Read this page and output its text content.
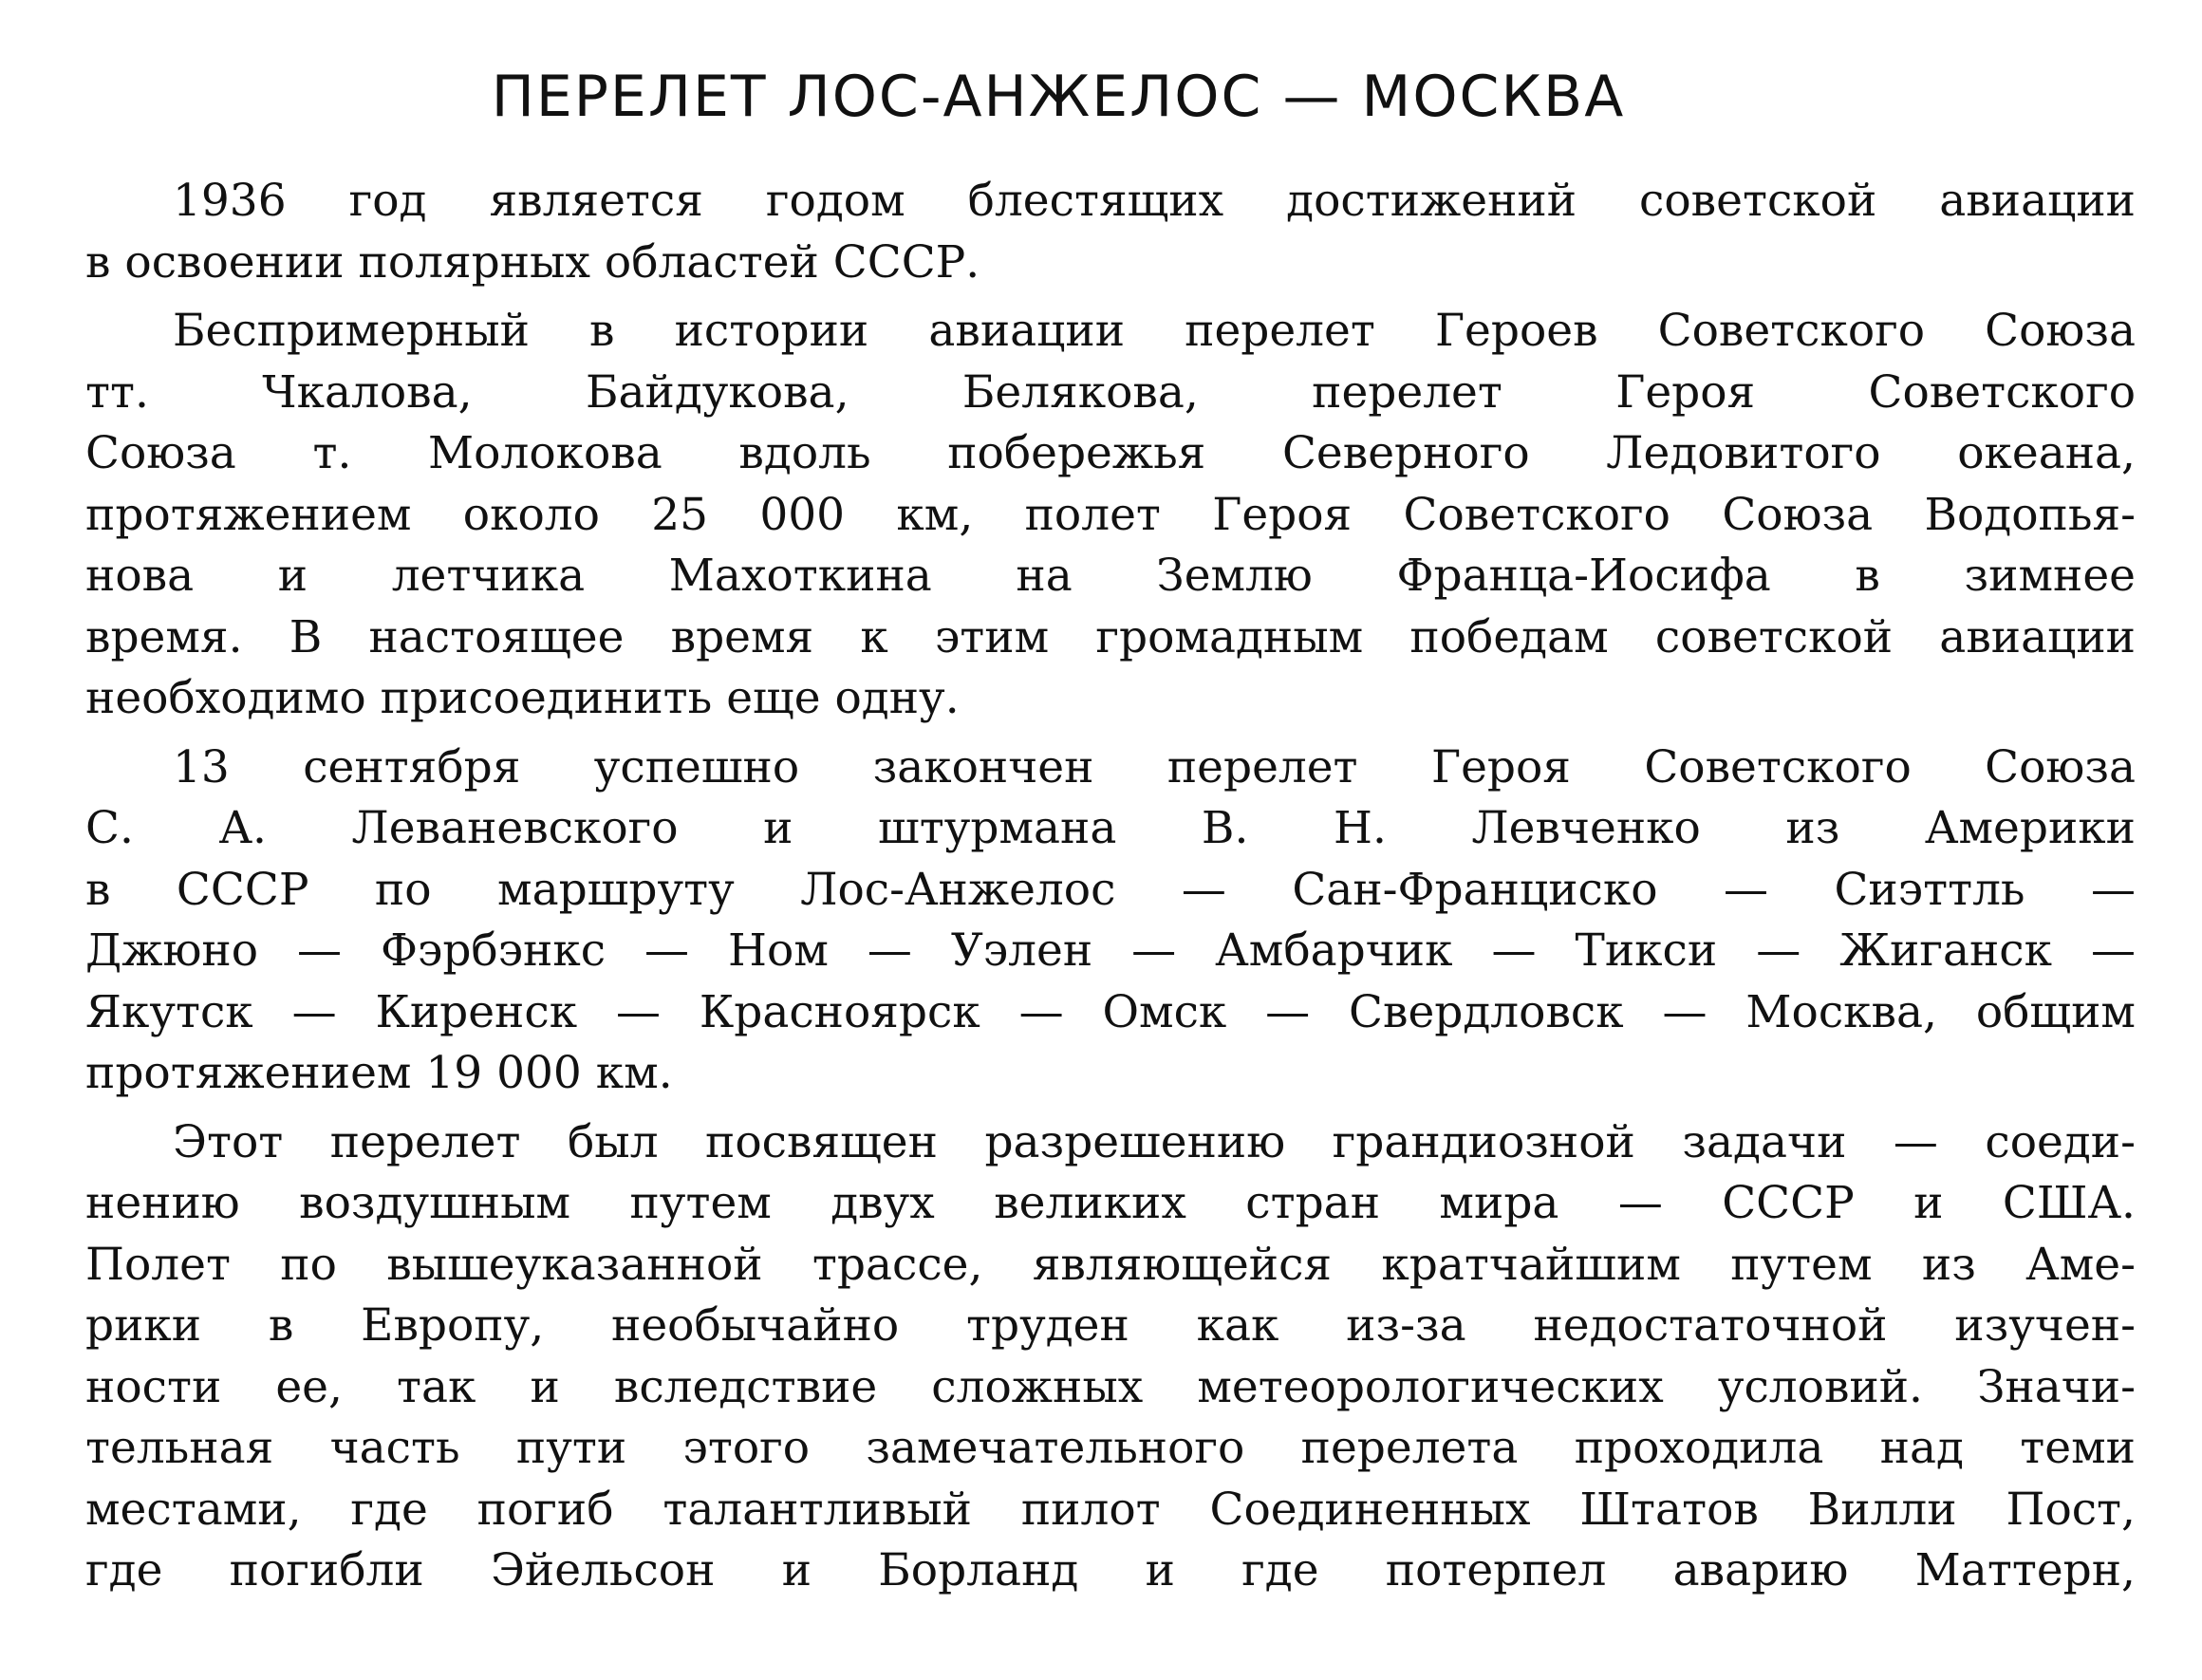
ПЕРЕЛЕТ ЛОС-АНЖЕЛОС — МОСКВА
1936 год является годом блестящих достижений советской авиации
в освоении полярных областей СССР.
Беспримерный в истории авиации перелет Героев Советского Союза
тт. Чкалова, Байдукова, Белякова, перелет Героя Советского
Союза т. Молокова вдоль побережья Северного Ледовитого океана,
протяжением около 25 000 км, полет Героя Советского Союза Водопья-
нова и летчика Махоткина на Землю Франца-Иосифа в зимнее
время. В настоящее время к этим громадным победам советской авиации
необходимо присоединить еще одну.
13 сентября успешно закончен перелет Героя Советского Союза
С. А. Леваневского и штурмана В. Н. Левченко из Америки
в СССР по маршруту Лос-Анжелос — Сан-Франциско — Сиэттль —
Джюно — Фэрбэнкс — Ном — Уэлен — Амбарчик — Тикси — Жиганск —
Якутск — Киренск — Красноярск — Омск — Свердловск — Москва, общим
протяжением 19 000 км.
Этот перелет был посвящен разрешению грандиозной задачи — соеди-
нению воздушным путем двух великих стран мира — СССР и США.
Полет по вышеуказанной трассе, являющейся кратчайшим путем из Аме-
рики в Европу, необычайно труден как из-за недостаточной изучен-
ности ее, так и вследствие сложных метеорологических условий. Значи-
тельная часть пути этого замечательного перелета проходила над теми
местами, где погиб талантливый пилот Соединенных Штатов Вилли Пост,
где погибли Эйельсон и Борланд и где потерпел аварию Маттерн,
